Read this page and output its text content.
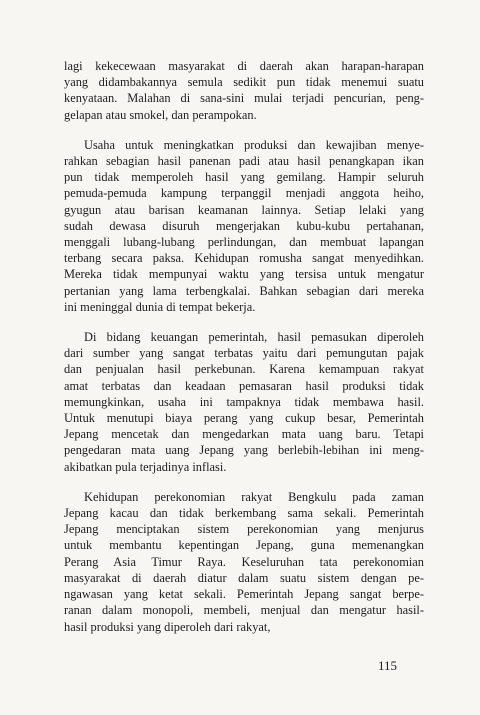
lagi kekecewaan masyarakat di daerah akan harapan-harapan
yang didambakannya semula sedikit pun tidak menemui suatu
kenyataan. Malahan di sana-sini mulai terjadi pencurian, peng-
gelapan atau smokel, dan perampokan.

Usaha untuk meningkatkan produksi dan kewajiban menye-
rahkan sebagian hasil panenan padi atau hasil penangkapan ikan
pun tidak memperoleh hasil yang gemilang. Hampir seluruh
pemuda-pemuda kampung terpanggil menjadi anggota heiho,
gyugun atau barisan keamanan lainnya. Setiap lelaki yang
sudah dewasa disuruh mengerjakan kubu-kubu pertahanan,
menggali lubang-lubang perlindungan, dan membuat lapangan
terbang secara paksa. Kehidupan romusha sangat menyedihkan.
Mereka tidak mempunyai waktu yang tersisa untuk mengatur
pertanian yang lama terbengkalai. Bahkan sebagian dari mereka
ini meninggal dunia di tempat bekerja.

Di bidang keuangan pemerintah, hasil pemasukan diperoleh
dari sumber yang sangat terbatas yaitu dari pemungutan pajak
dan penjualan hasil perkebunan. Karena kemampuan rakyat
amat terbatas dan keadaan pemasaran hasil produksi tidak
memungkinkan, usaha ini tampaknya tidak membawa hasil.
Untuk menutupi biaya perang yang cukup besar, Pemerintah
Jepang mencetak dan mengedarkan mata uang baru. Tetapi
pengedaran mata uang Jepang yang berlebih-lebihan ini meng-
akibatkan pula terjadinya inflasi.

Kehidupan perekonomian rakyat Bengkulu pada zaman
Jepang kacau dan tidak berkembang sama sekali. Pemerintah
Jepang menciptakan sistem perekonomian yang menjurus
untuk membantu kepentingan Jepang, guna memenangkan
Perang Asia Timur Raya. Keseluruhan tata perekonomian
masyarakat di daerah diatur dalam suatu sistem dengan pe-
ngawasan yang ketat sekali. Pemerintah Jepang sangat berpe-
ranan dalam monopoli, membeli, menjual dan mengatur hasil-
hasil produksi yang diperoleh dari rakyat,

115
